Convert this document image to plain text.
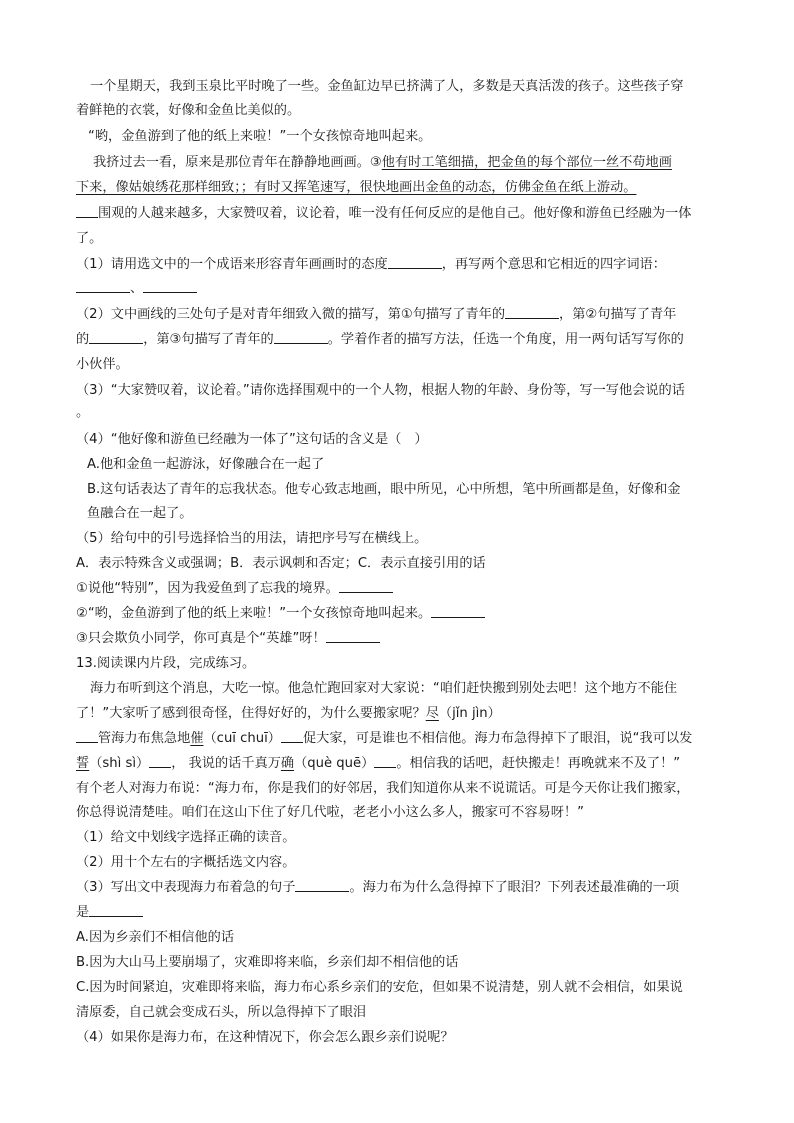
一个星期天，我到玉泉比平时晚了一些。金鱼缸边早已挤满了人，多数是天真活泼的孩子。这些孩子穿
着鲜艳的衣裳，好像和金鱼比美似的。
“哟，金鱼游到了他的纸上来啦！”一个女孩惊奇地叫起来。
我挤过去一看，原来是那位青年在静静地画画。③他有时工笔细描，把金鱼的每个部位一丝不苟地画
下来，像姑娘绣花那样细致；；有时又挥笔速写，很快地画出金鱼的动态，仿佛金鱼在纸上游动。
围观的人越来越多，大家赞叹着，议论着，唯一没有任何反应的是他自己。他好像和游鱼已经融为一体
了。
（1）请用选文中的一个成语来形容青年画画时的态度	，再写两个意思和它相近的四字词语：
、
（2）文中画线的三处句子是对青年细致入微的描写，第①句描写了青年的	，第②句描写了青年
的	，第③句描写了青年的	。学着作者的描写方法，任选一个角度，用一两句话写写你的
小伙伴。
（3）“大家赞叹着，议论着。”请你选择围观中的一个人物，根据人物的年龄、身份等，写一写他会说的话
。
（4）“他好像和游鱼已经融为一体了”这句话的含义是（　）
A.他和金鱼一起游泳，好像融合在一起了
B.这句话表达了青年的忘我状态。他专心致志地画，眼中所见，心中所想，笔中所画都是鱼，好像和金
鱼融合在一起了。
（5）给句中的引号选择恰当的用法，请把序号写在横线上。
A．表示特殊含义或强调；B．表示讽刺和否定；C．表示直接引用的话
①说他“特别”，因为我爱鱼到了忘我的境界。
②“哟，金鱼游到了他的纸上来啦！”一个女孩惊奇地叫起来。
③只会欺负小同学，你可真是个“英雄”呀！
13.阅读课内片段，完成练习。
海力布听到这个消息，大吃一惊。他急忙跑回家对大家说：“咱们赶快搬到别处去吧！这个地方不能住
了！”大家听了感到很奇怪，住得好好的，为什么要搬家呢？尽（jǐn jìn）
管海力布焦急地催（cuī chuī） 促大家，可是谁也不相信他。海力布急得掉下了眼泪，说“我可以发
誓（shì sì） ， 我说的话千真万确（què quē） 。相信我的话吧，赶快搬走！再晚就来不及了！”
有个老人对海力布说：“海力布，你是我们的好邻居，我们知道你从来不说谎话。可是今天你让我们搬家，
你总得说清楚哇。咱们在这山下住了好几代啦，老老小小这么多人，搬家可不容易呀！”
（1）给文中划线字选择正确的读音。
（2）用十个左右的字概括选文内容。
（3）写出文中表现海力布着急的句子	。海力布为什么急得掉下了眼泪？下列表述最准确的一项
是
A.因为乡亲们不相信他的话
B.因为大山马上要崩塌了，灾难即将来临，乡亲们却不相信他的话
C.因为时间紧迫，灾难即将来临，海力布心系乡亲们的安危，但如果不说清楚，别人就不会相信，如果说
清原委，自己就会变成石头，所以急得掉下了眼泪
（4）如果你是海力布，在这种情况下，你会怎么跟乡亲们说呢？
